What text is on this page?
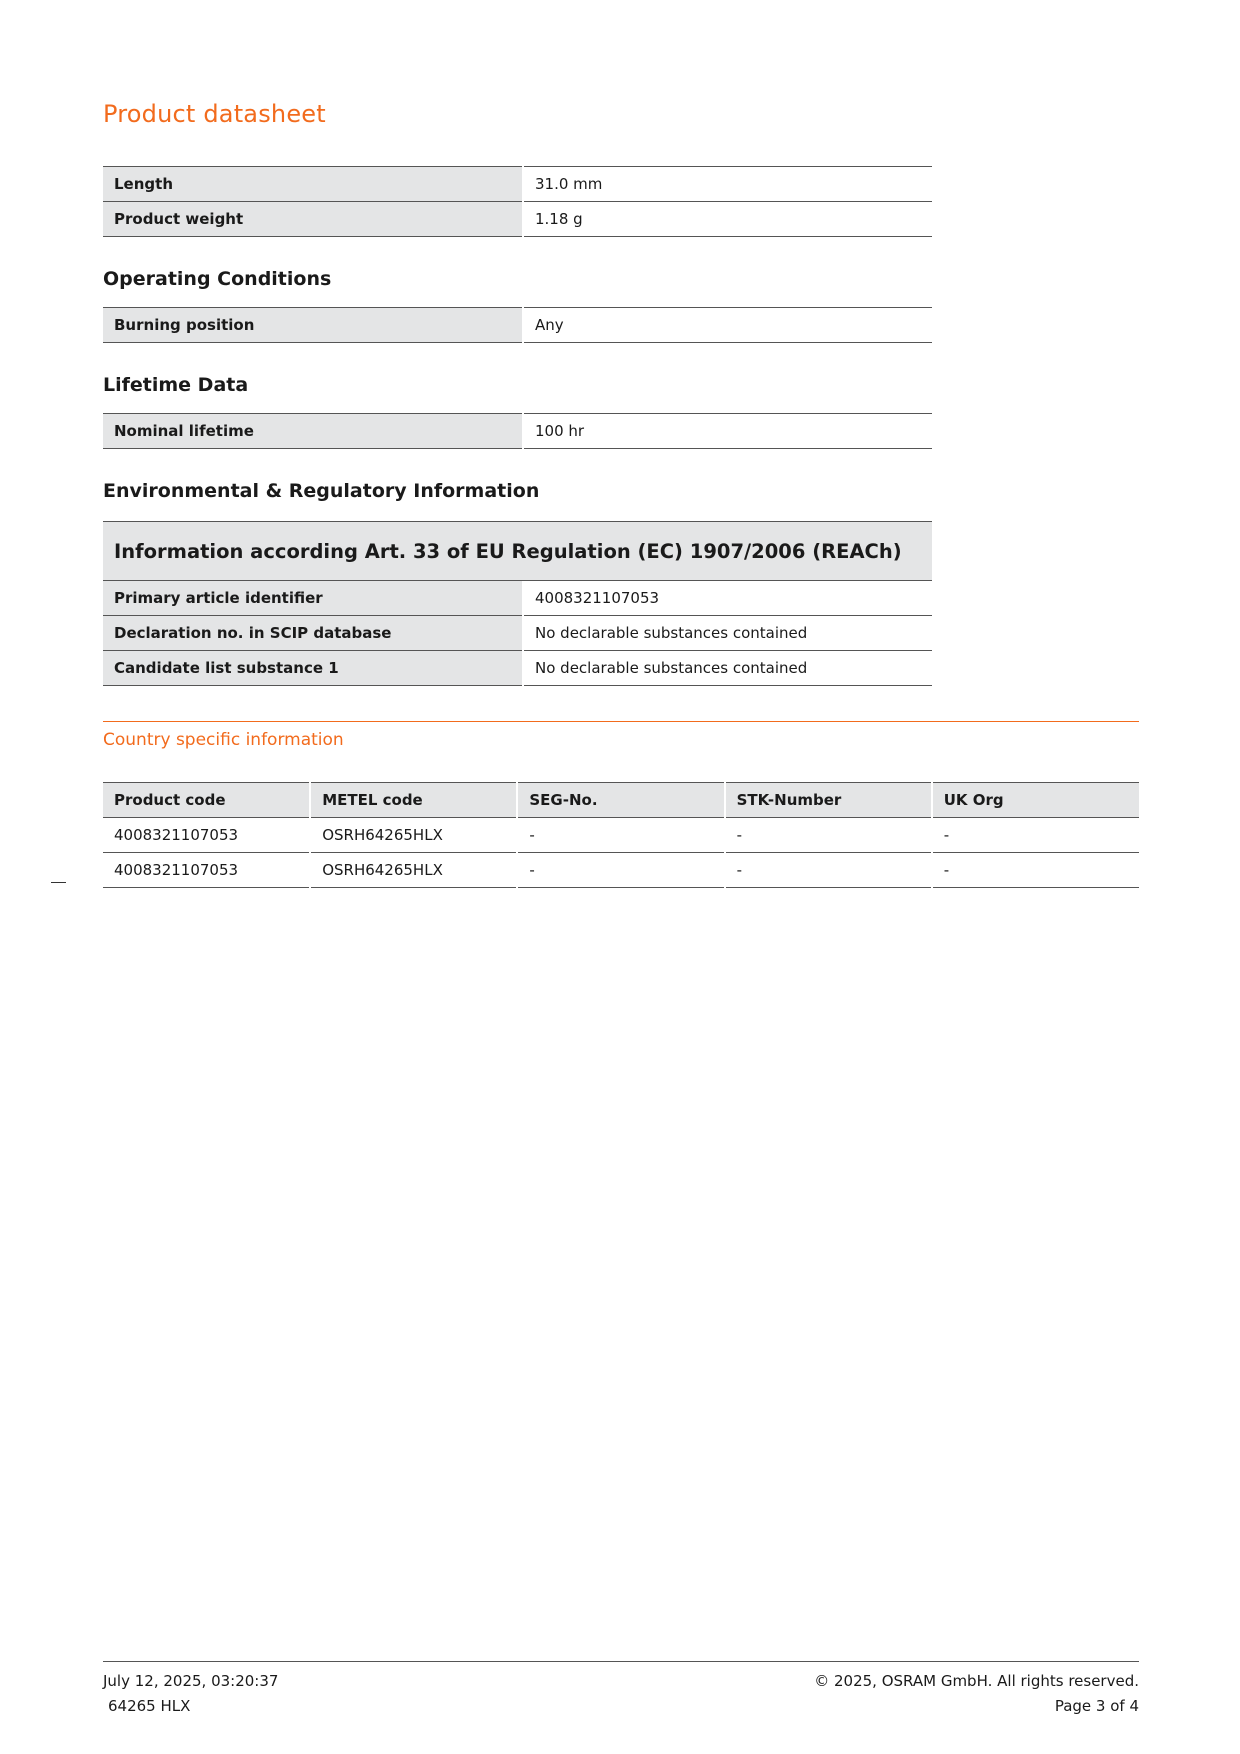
Product datasheet
Length	31.0 mm
Product weight	1.18 g
Operating Conditions
Burning position	Any
Lifetime Data
Nominal lifetime	100 hr
Environmental & Regulatory Information
Information according Art. 33 of EU Regulation (EC) 1907/2006 (REACh)
Primary article identifier	4008321107053
Declaration no. in SCIP database	No declarable substances contained
Candidate list substance 1	No declarable substances contained
Country specific information
Product code	METEL code	SEG-No.	STK-Number	UK Org
4008321107053	OSRH64265HLX	-	-	-
4008321107053	OSRH64265HLX	-	-	-

July 12, 2025, 03:20:37

64265 HLX

© 2025, OSRAM GmbH. All rights reserved.

Page 3 of 4
